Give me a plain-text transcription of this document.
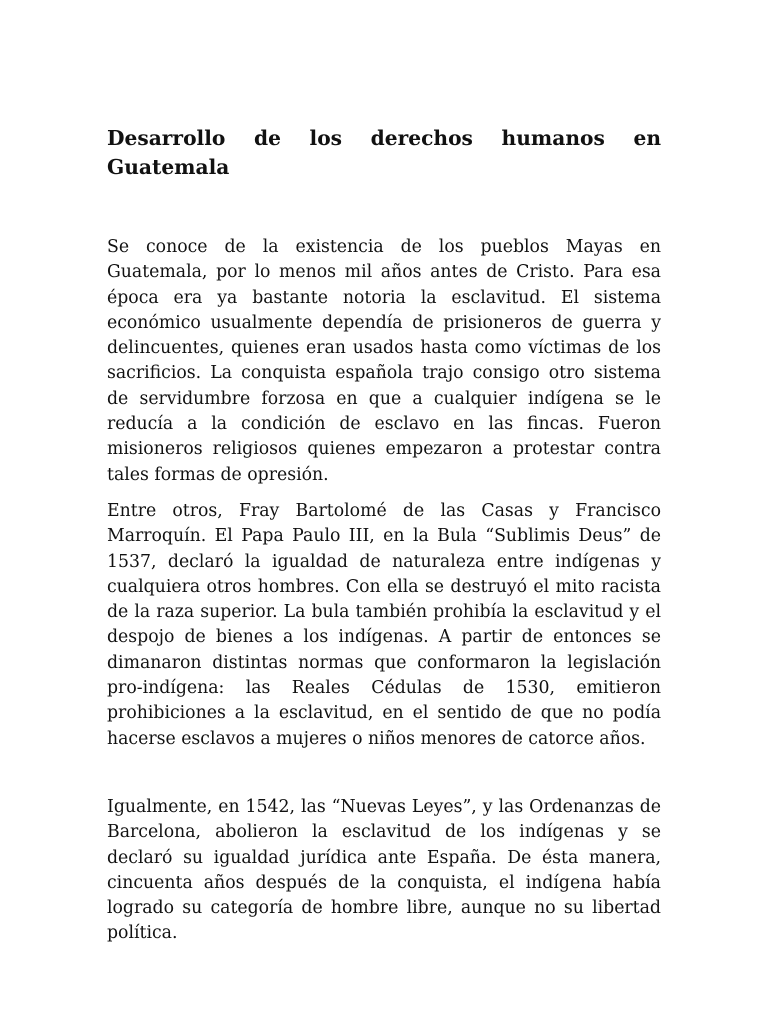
Desarrollo de los derechos humanos en Guatemala

Se conoce de la existencia de los pueblos Mayas en Guatemala, por lo menos mil años antes de Cristo. Para esa época era ya bastante notoria la esclavitud. El sistema económico usualmente dependía de prisioneros de guerra y delincuentes, quienes eran usados hasta como víctimas de los sacrificios. La conquista española trajo consigo otro sistema de servidumbre forzosa en que a cualquier indígena se le reducía a la condición de esclavo en las fincas. Fueron misioneros religiosos quienes empezaron a protestar contra tales formas de opresión.

Entre otros, Fray Bartolomé de las Casas y Francisco Marroquín. El Papa Paulo III, en la Bula “Sublimis Deus” de 1537, declaró la igualdad de naturaleza entre indígenas y cualquiera otros hombres. Con ella se destruyó el mito racista de la raza superior. La bula también prohibía la esclavitud y el despojo de bienes a los indígenas. A partir de entonces se dimanaron distintas normas que conformaron la legislación pro-indígena: las Reales Cédulas de 1530, emitieron prohibiciones a la esclavitud, en el sentido de que no podía hacerse esclavos a mujeres o niños menores de catorce años.

Igualmente, en 1542, las “Nuevas Leyes”, y las Ordenanzas de Barcelona, abolieron la esclavitud de los indígenas y se declaró su igualdad jurídica ante España. De ésta manera, cincuenta años después de la conquista, el indígena había logrado su categoría de hombre libre, aunque no su libertad política.
